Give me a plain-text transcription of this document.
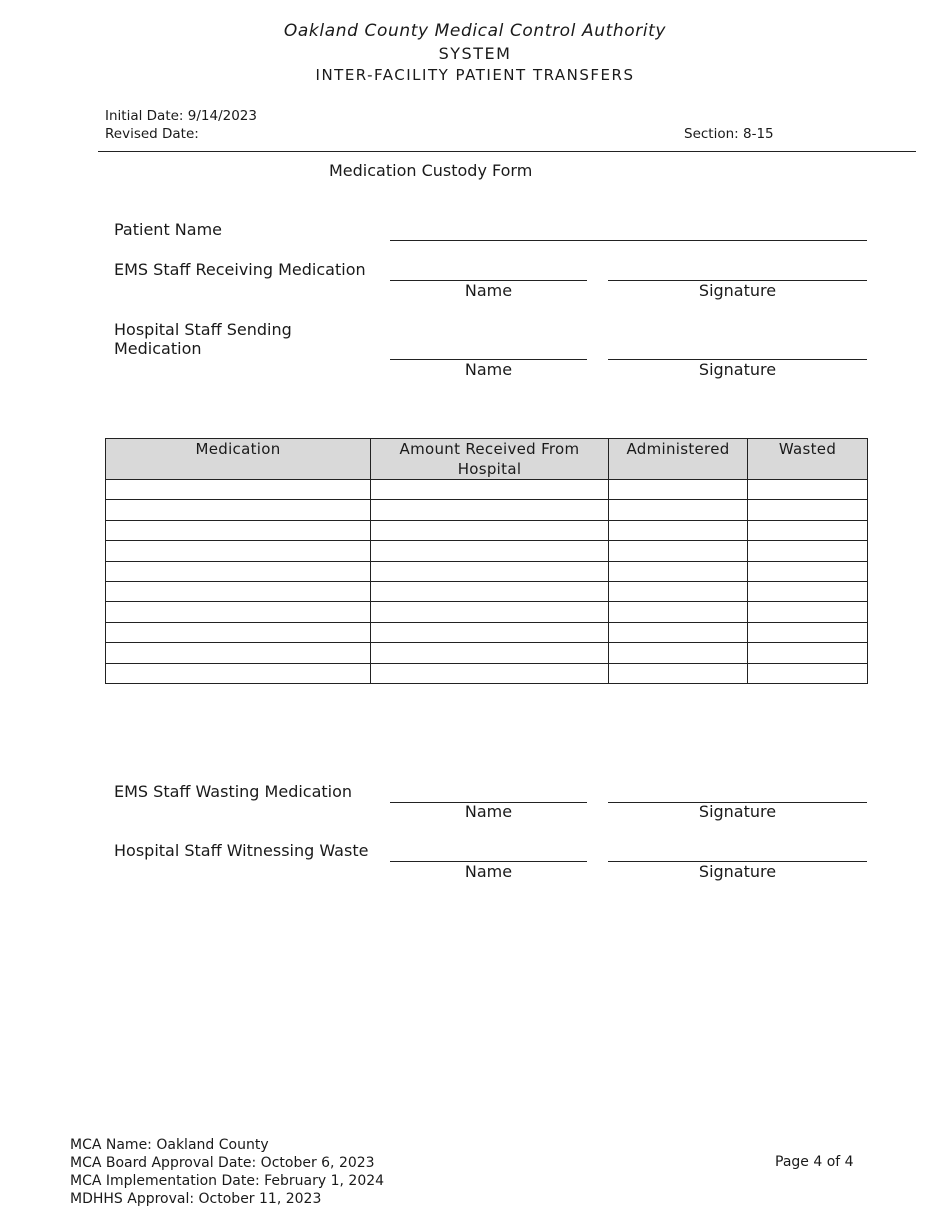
Oakland County Medical Control Authority
SYSTEM
INTER-FACILITY PATIENT TRANSFERS
Initial Date: 9/14/2023
Revised Date:	Section: 8-15
Medication Custody Form
Patient Name
EMS Staff Receiving Medication
Name	Signature
Hospital Staff Sending
Medication
Name	Signature
Medication	Amount Received From Hospital	Administered	Wasted

EMS Staff Wasting Medication
Name	Signature
Hospital Staff Witnessing Waste
Name	Signature
MCA Name: Oakland County
MCA Board Approval Date: October 6, 2023
MCA Implementation Date: February 1, 2024
MDHHS Approval: October 11, 2023
Page 4 of 4
